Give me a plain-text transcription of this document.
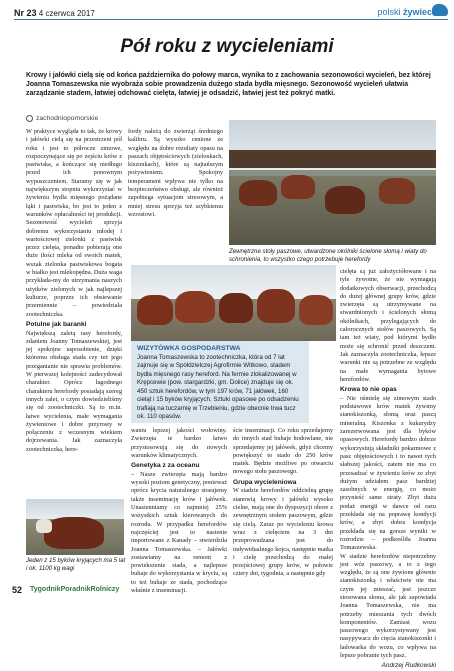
Nr 23 4 czerwca 2017	polski żywiec
Pół roku z wycieleniami
Krowy i jałówki cielą się od końca października do połowy marca, wynika to z zachowania sezonowości wycieleń, bez której Joanna Tomaszewska nie wyobraża sobie prowadzenia dużego stada bydła mięsnego. Sezonowość wycieleń ułatwia zarządzanie stadem, łatwiej odchować cielęta, łatwiej je odsadzić, łatwiej jest też pokryć matki.
zachodniopomorskie

W praktyce wygląda to tak, że krowy i jałówki cielą się na przestrzeni pół roku i jest to półrocze zimowe, rozpoczynające się po zejściu krów z pastwiska, a kończące się niedługo przed ich ponownym wypuszczeniem. Staramy się w jak największym stopniu wykorzystać w żywieniu bydła mięsnego pożądane łąki i pastwiska, bo jest to jeden z warunków opłacalności tej produkcji. Sezonowość wycieleń sprzyja dobremu wykorzystaniu młodej i wartościowej zielonki z pastwisk przez cielęta, ponadto pobierają one duże ilości mleka od swoich matek, wszak zielonka pastwiskowa bogata w białko jest mlekopędna. Duża waga przykłada-my do utrzymania naszych użytków zielonych w jak najlepszej kulturze, poprzez ich obsiewanie przemiennie – powiedziała zootechniczka.

Potulne jak baranki

Największą zaletą rasy herefordy, zdaniem Joanny Tomaszewskiej, jest jej spokojne usposobienie, dzięki któremu obsługa stada czy też jego przeganianie nie sprawia problemów. W pierwszej kolejności zadecydował charakter. Oprócz łagodnego charakteru herefordy posiadają szereg innych zalet, o czym dowiedzieliśmy się od zootechniczki. Są to m.in. łatwe wycielenia, małe wymagania żywieniowe i dobre przyrosty w połączeniu z wczesnym wiekiem dojrzewania. Jak zaznaczyła zootechniczka, here-

fordy należą do zwierząt średniego kalibru. Są wysoko cenione ze względu na dobre rezultaty opasu na paszach objętościowych (zielonkach, kiszonkach), które są najtańszym pożywieniem. Spokojny temperament wpływa nie tylko na bezpieczeństwo obsługi, ale również zapobiega sytuacjom stresowym, a mniej stresu sprzyja też szybkiemu wzrostowi.

Zewnętrzne stoły paszowe, utwardzone okólniki ścielone słomą i wiaty do schronienia, to wszystko czego potrzebuje herefordy

cielęta są już założyciółowane i na tyle żywotne, że nie wymagają dodatkowych obserwacji, przechodzą do dużej głównej grupy krów, gdzie zwierzęta są utrzymywane na stwardnionych i ścielonych słomą okólnikach, przylegających do całorocznych stołów paszowych. Są tam też wiaty, pod którymi bydło może się schronić przed deszczem. Jak zaznaczyła zootechniczka, łepsze warunki nie są potrzebne ze względu na małe wymagania bytowe herefordów.

Krowa to nie opas

– Nie ośmielę się zimowym stado podstawowe krów matek żywimy sianokiszonką, słomą oraz paszą mineralną. Kiszonka z kukurydzy zarezerwowana jest dla byków opasowych. Herefordy bardzo dobrze wykorzystują składniki pokarmowe z pasz objętościowych i to nawet tych słabszej jakości, zatem nie ma co przesadzać w żywieniu krów ze zbyt dużym udziałem pasz bardziej zasobnych w energię, co może przynieść same straty. Zbyt duża podaż energii w dawce od razu przekłada się na poprawę kondycji krów, a zbyt dobra kondycja przekłada się na gorsze wyniki w rozrodzie – podkreśliła Joanna Tomaszewska.

W stadzie herefordów niepotrzebny jest wóz paszowy, a to z tego względu, że są one żywione głównie sianokiszonką i właściwie nie ma czym jej mieszać, jest jeszcze stosowana słoma, ale jak zapowiada Joanna Tomaszewska, nie ma potrzeby mieszania tych dwóch komponentów. Zamiast wozu paszowego wykorzystywany jest nasypywacz do cięcia sianokiszonki i ładowarka do wozu, co wpływa na lepsze pobranie tych pasz.

Andrzej Rudkowski
WIZYTÓWKA GOSPODARSTWA
Joanna Tomaszewska to zootechniczka, która od 7 lat zajmuje się w Spółdzielczej Agrofirmie Witkowo, stadem bydła mięsnego rasy hereford. Na fermie zlokalizowanej w Krępcewie (pow. stargardzki, gm. Dolice) znajduje się ok. 450 sztuk herefordów, w tym 197 krów, 71 jałówek, 160 cieląt i 15 byków kryjących. Sztuki opasowe po odsadzeniu trafiają na tuczarnię w Trzebieniu, gdzie obecnie trwa tucz ok. 110 opasów.

waniu lepszej jakości wołowiny. Zwierzęta te bardzo łatwo przystosowują się do nowych warunków klimatycznych.

Genetyka z za oceanu

– Nasze zwierzęta mają bardzo wysoki poziom genetyczny, ponieważ oprócz krycia naturalnego stosujemy także inseminację krów i jałówek. Unasienniamy co najmniej 25% wszystkich sztuk kierowanych do rozrodu. W przypadku herefordów najczęściej jest to nasienie importowane z Kanady – stwierdziła Joanna Tomaszewska. – Jałówki zostawiamy na remont z powiekszenie stada, a najlepsze buhaje do wykorzystania w kryciu, są to też buhaje ze stada, pochodzące właśnie z inseminacji.

ście inseminacji. Co roku sprzedajemy do innych stad buhaje hodowlane, nie sprzedajemy jej jałówek, gdyż chcemy powiększyć to stado do 250 krów matek. Będzie możliwe po otwarciu nowego stołu paszowego.

Grupa wycieleniowa

W stadzie herefordów oddzielną grupę stanowią krowy i jałówki wysoko cielne, mają one do dyspozycji obore z zewnętrznym stołem paszowym, gdzie się cielą. Zaraz po wycieleniu krowa wraz z cielęciem na 3 dni przeprowadzana jest do indywidualnego kojca, następnie matka i cielę przechodzą do małej przejściowej grupy krów, w połowie cztery dni, tygodnia, a następnie gdy

Jeden z 15 byków kryjących ma 5 lat i ok. 1100 kg wagi
52 TygodnikPoradnikRolniczy
